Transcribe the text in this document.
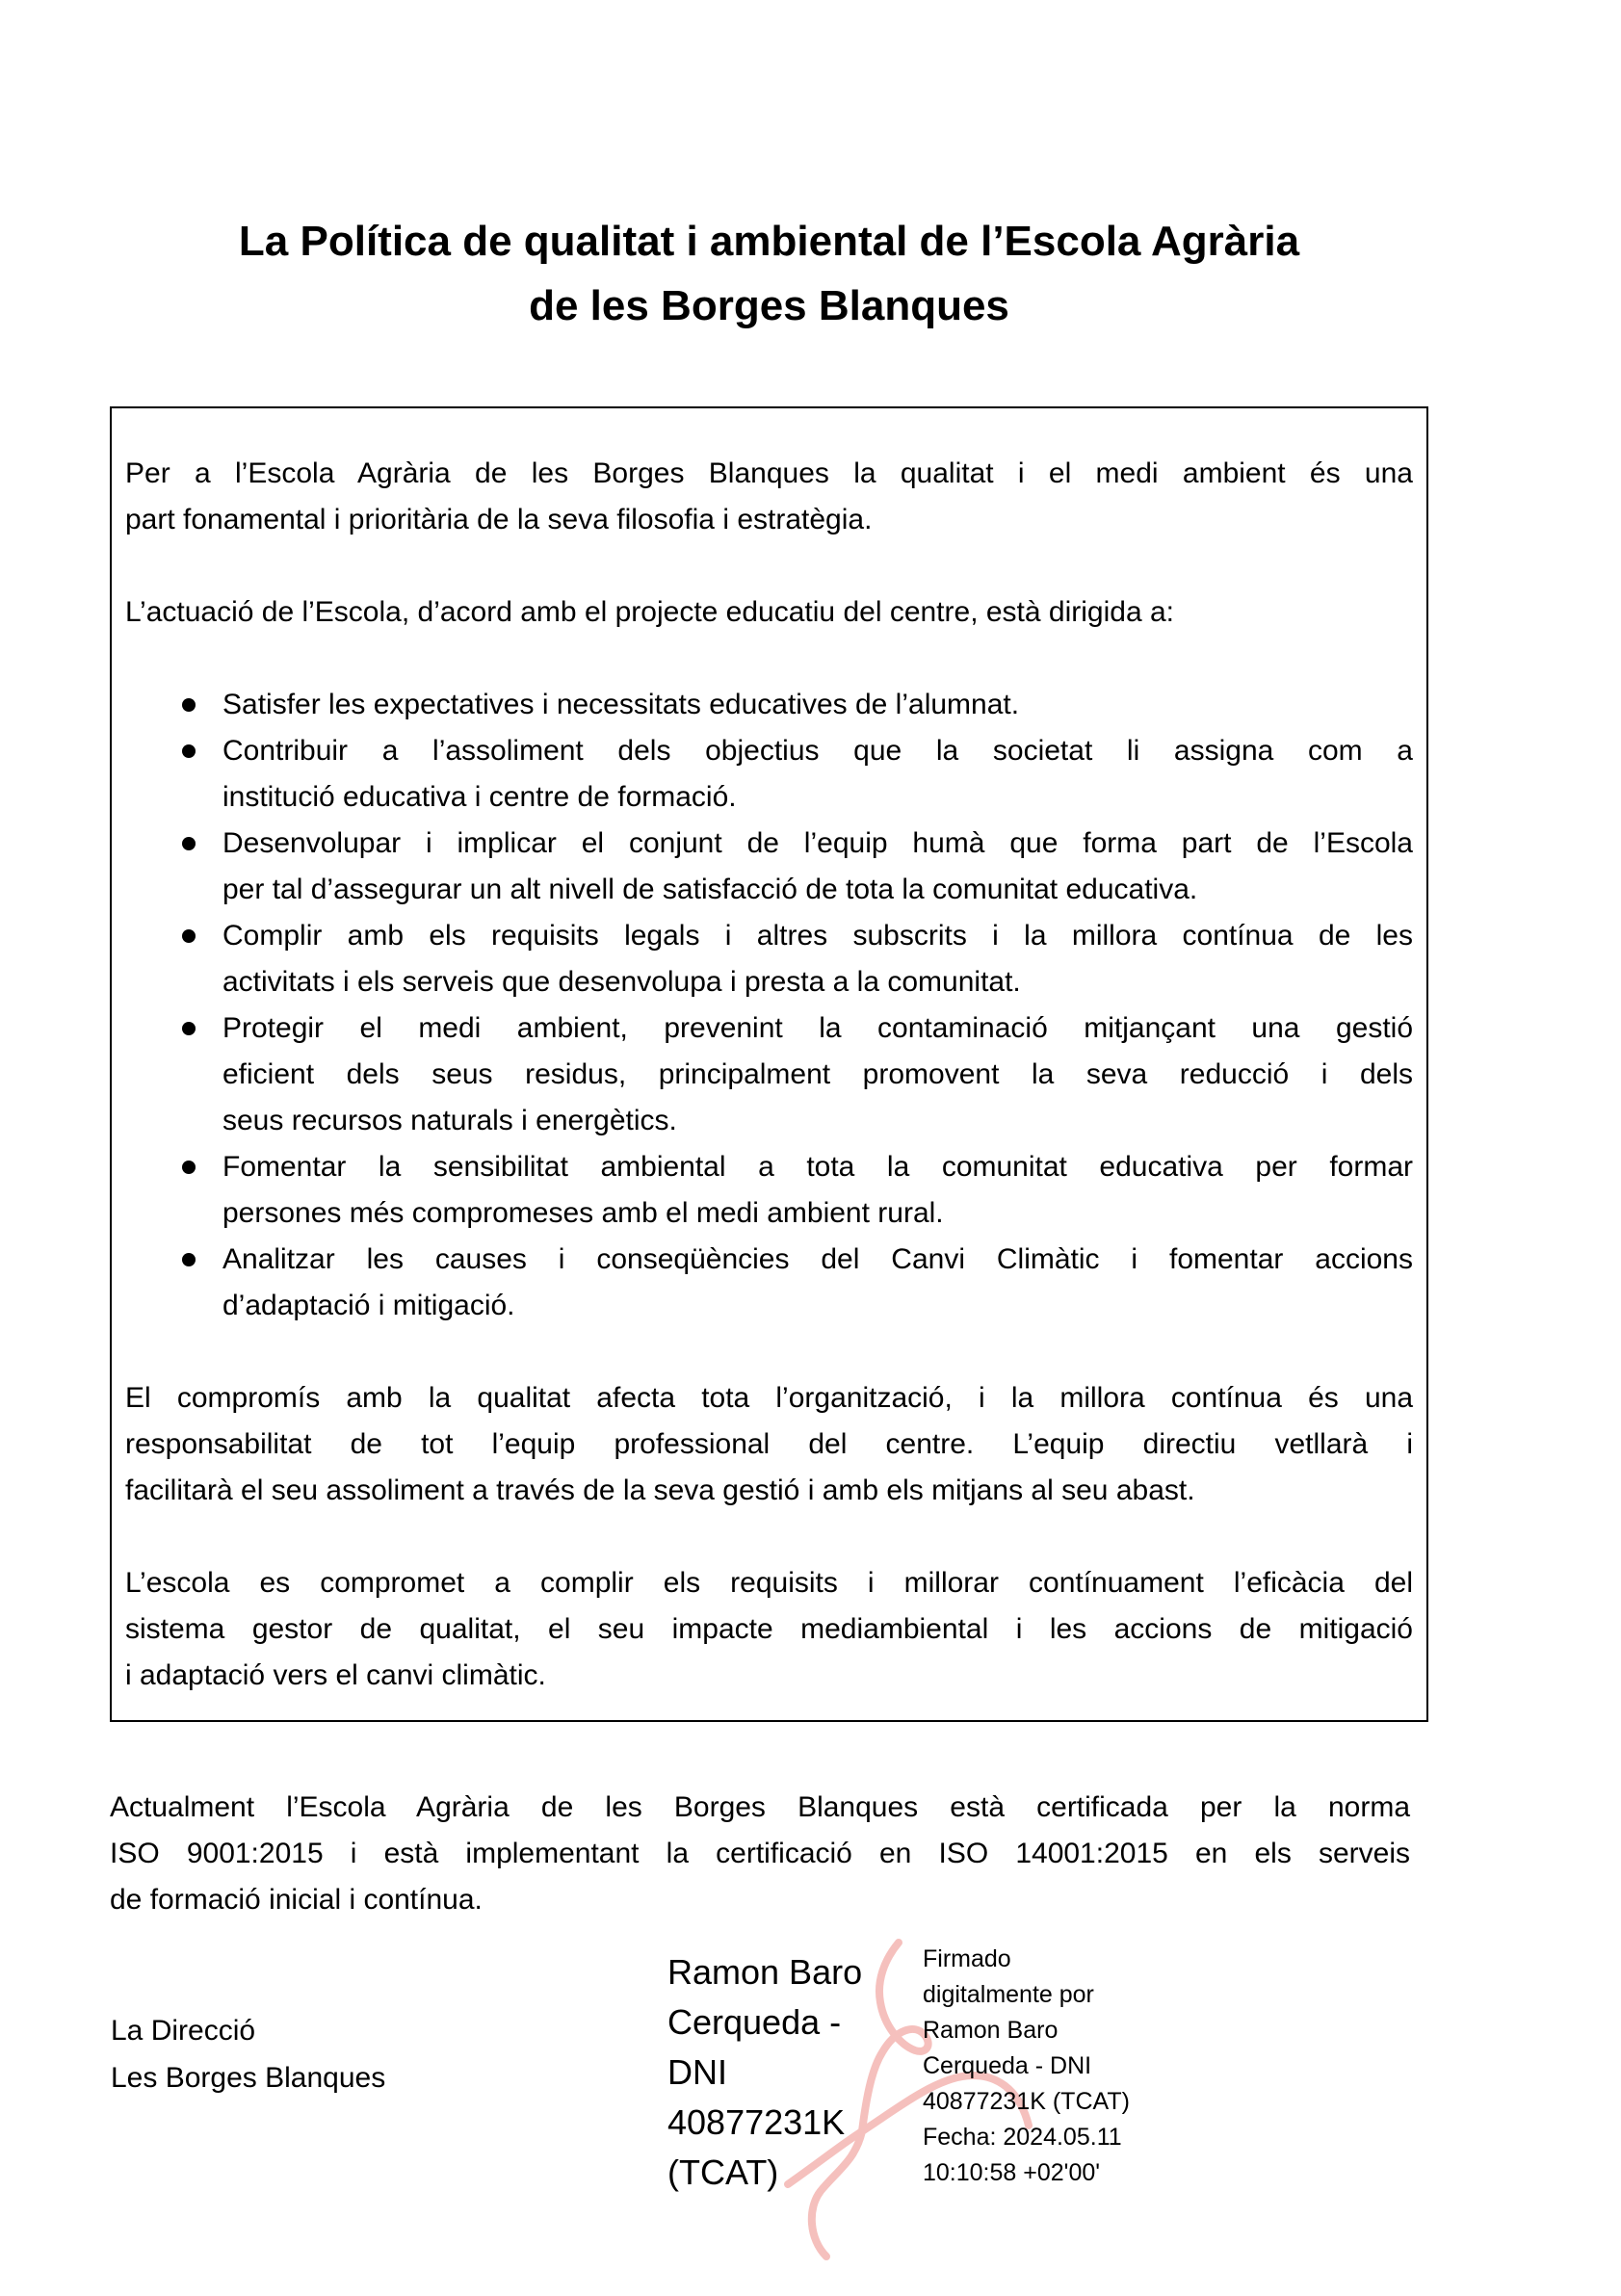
La Política de qualitat i ambiental de l’Escola Agrària
de les Borges Blanques
Per a l’Escola Agrària de les Borges Blanques la qualitat i el medi ambient és una
part fonamental i prioritària de la seva filosofia i estratègia.
L’actuació de l’Escola, d’acord amb el projecte educatiu del centre, està dirigida a:
Satisfer les expectatives i necessitats educatives de l’alumnat.
Contribuir a l’assoliment dels objectius que la societat li assigna com a
institució educativa i centre de formació.
Desenvolupar i implicar el conjunt de l’equip humà que forma part de l’Escola
per tal d’assegurar un alt nivell de satisfacció de tota la comunitat educativa.
Complir amb els requisits legals i altres subscrits i la millora contínua de les
activitats i els serveis que desenvolupa i presta a la comunitat.
Protegir el medi ambient, prevenint la contaminació mitjançant una gestió
eficient dels seus residus, principalment promovent la seva reducció i dels
seus recursos naturals i energètics.
Fomentar la sensibilitat ambiental a tota la comunitat educativa per formar
persones més compromeses amb el medi ambient rural.
Analitzar les causes i conseqüències del Canvi Climàtic i fomentar accions
d’adaptació i mitigació.
El compromís amb la qualitat afecta tota l’organització, i la millora contínua és una
responsabilitat de tot l’equip professional del centre. L’equip directiu vetllarà i
facilitarà el seu assoliment a través de la seva gestió i amb els mitjans al seu abast.
L’escola es compromet a complir els requisits i millorar contínuament l’eficàcia del
sistema gestor de qualitat, el seu impacte mediambiental i les accions de mitigació
i adaptació vers el canvi climàtic.
Actualment l’Escola Agrària de les Borges Blanques està certificada per la norma
ISO 9001:2015 i està implementant la certificació en ISO 14001:2015 en els serveis
de formació inicial i contínua.
La Direcció
Les Borges Blanques
Ramon Baro
Cerqueda -
DNI
40877231K
(TCAT)
Firmado
digitalmente por
Ramon Baro
Cerqueda - DNI
40877231K (TCAT)
Fecha: 2024.05.11
10:10:58 +02'00'
